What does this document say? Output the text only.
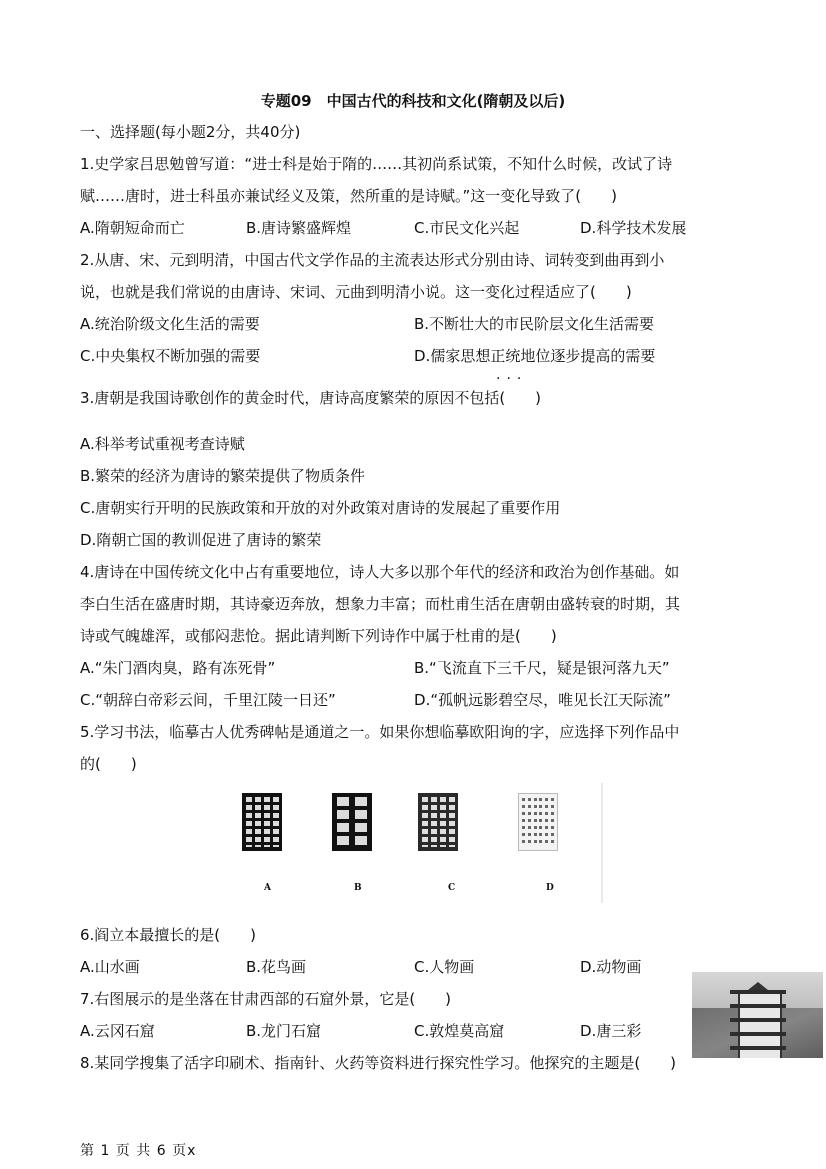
专题09　中国古代的科技和文化(隋朝及以后)
一、选择题(每小题2分，共40分)
1.史学家吕思勉曾写道：“进士科是始于隋的……其初尚系试策，不知什么时候，改试了诗
赋……唐时，进士科虽亦兼试经义及策，然所重的是诗赋。”这一变化导致了(　　)
A.隋朝短命而亡	B.唐诗繁盛辉煌	C.市民文化兴起	D.科学技术发展
2.从唐、宋、元到明清，中国古代文学作品的主流表达形式分别由诗、词转变到曲再到小
说，也就是我们常说的由唐诗、宋词、元曲到明清小说。这一变化过程适应了(　　)
A.统治阶级文化生活的需要	B.不断壮大的市民阶层文化生活需要
C.中央集权不断加强的需要	D.儒家思想正统地位逐步提高的需要
···
3.唐朝是我国诗歌创作的黄金时代，唐诗高度繁荣的原因不包括(　　)
A.科举考试重视考查诗赋
B.繁荣的经济为唐诗的繁荣提供了物质条件
C.唐朝实行开明的民族政策和开放的对外政策对唐诗的发展起了重要作用
D.隋朝亡国的教训促进了唐诗的繁荣
4.唐诗在中国传统文化中占有重要地位，诗人大多以那个年代的经济和政治为创作基础。如
李白生活在盛唐时期，其诗豪迈奔放，想象力丰富；而杜甫生活在唐朝由盛转衰的时期，其
诗或气魄雄浑，或郁闷悲怆。据此请判断下列诗作中属于杜甫的是(　　)
A.“朱门酒肉臭，路有冻死骨”	B.“飞流直下三千尺，疑是银河落九天”
C.“朝辞白帝彩云间，千里江陵一日还”	D.“孤帆远影碧空尽，唯见长江天际流”
5.学习书法，临摹古人优秀碑帖是通道之一。如果你想临摹欧阳询的字，应选择下列作品中
的(　　)
A	B	C	D
6.阎立本最擅长的是(　　)
A.山水画	B.花鸟画	C.人物画	D.动物画
7.右图展示的是坐落在甘肃西部的石窟外景，它是(　　)
A.云冈石窟	B.龙门石窟	C.敦煌莫高窟	D.唐三彩
8.某同学搜集了活字印刷术、指南针、火药等资料进行探究性学习。他探究的主题是(　　)
第 1 页 共 6 页x
